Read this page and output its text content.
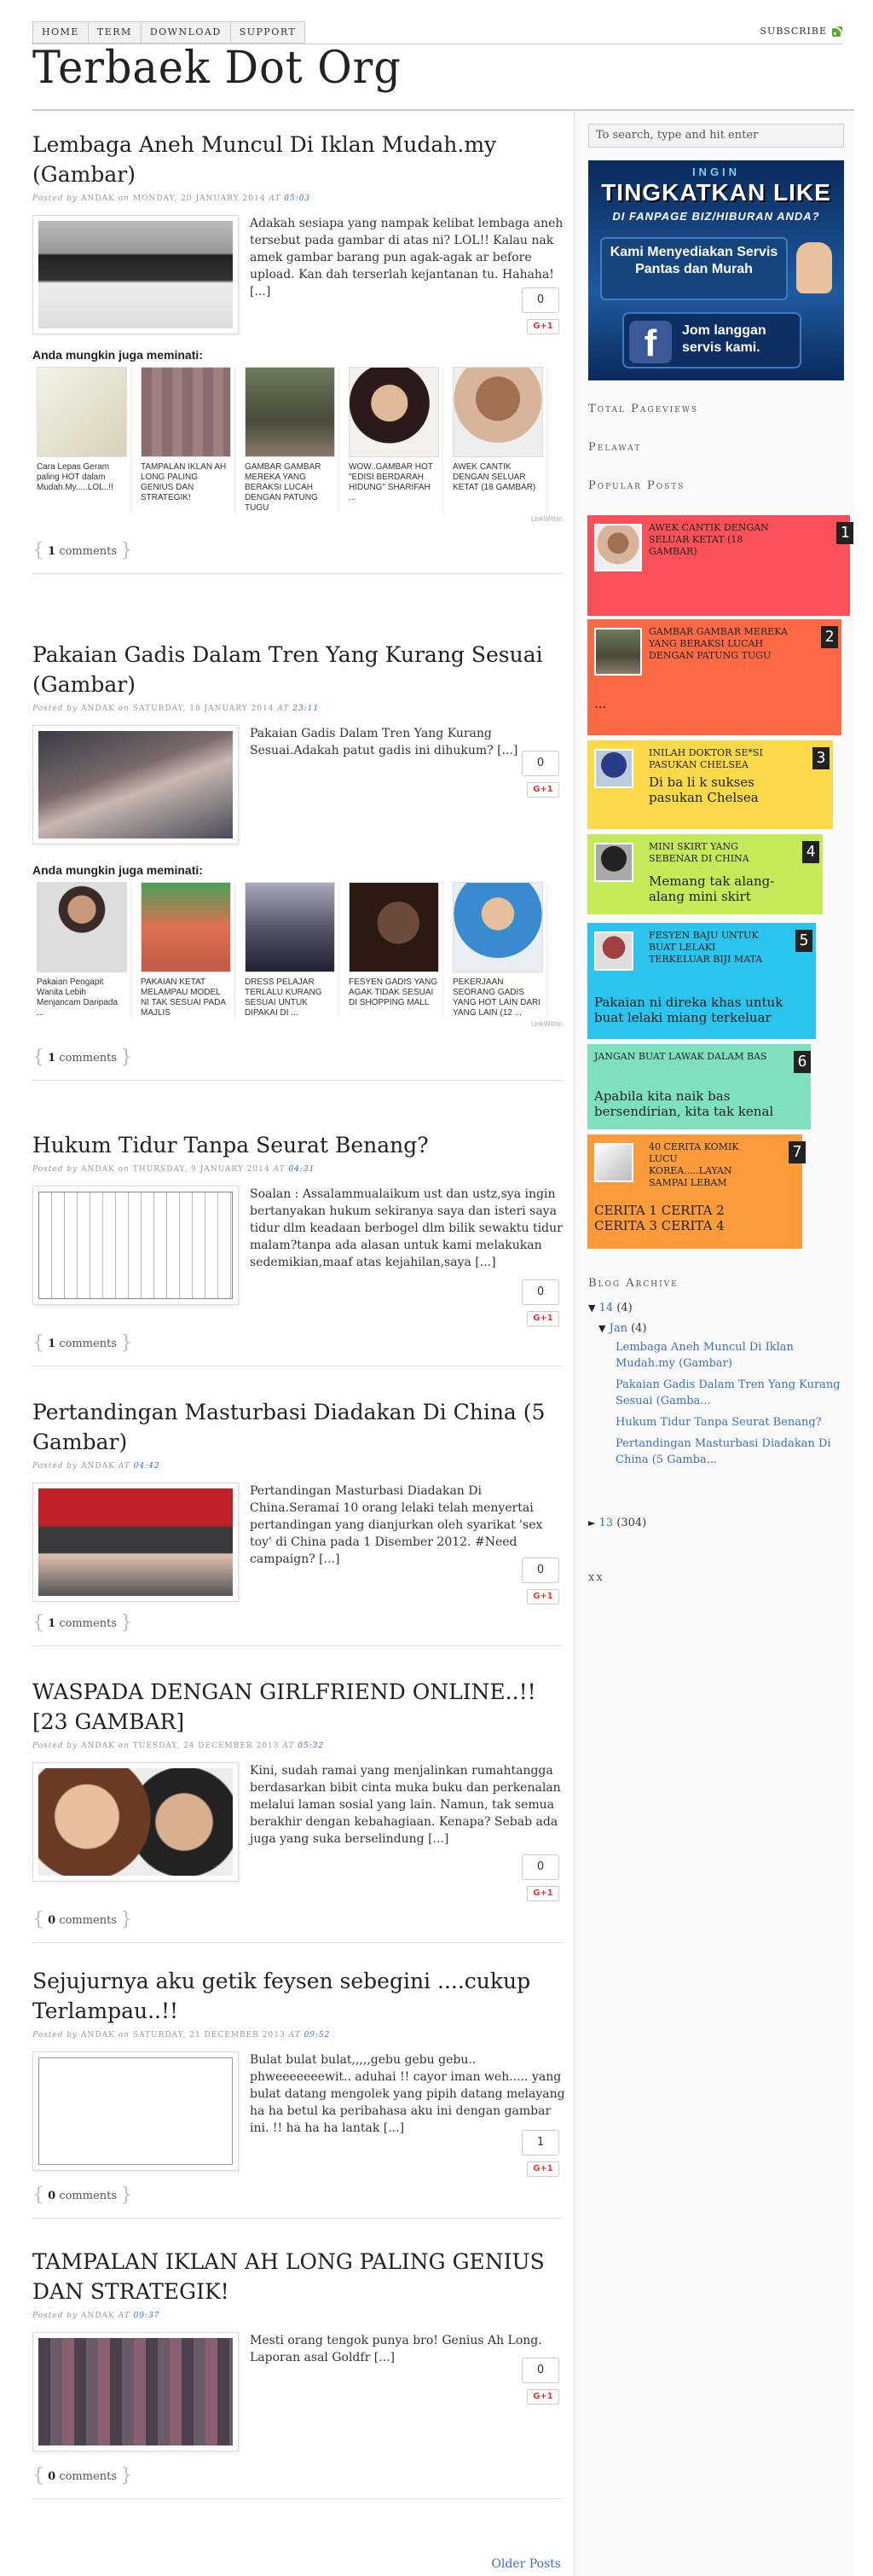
HOME	TERM	DOWNLOAD	SUPPORT	SUBSCRIBE
Terbaek Dot Org
Lembaga Aneh Muncul Di Iklan Mudah.my (Gambar)
Posted by ANDAK on MONDAY, 20 JANUARY 2014 AT 05:03
Adakah sesiapa yang nampak kelibat lembaga aneh tersebut pada gambar di atas ni? LOL!! Kalau nak amek gambar barang pun agak-agak ar before upload. Kan dah terserlah kejantanan tu. Hahaha! [...]
0
G+1
Anda mungkin juga meminati:
Cara Lepas Geram paling HOT dalam Mudah.My.....LOL..!!
TAMPALAN IKLAN AH LONG PALING GENIUS DAN STRATEGIK!
GAMBAR GAMBAR MEREKA YANG BERAKSI LUCAH DENGAN PATUNG TUGU
WOW..GAMBAR HOT "EDISI BERDARAH HIDUNG" SHARIFAH ...
AWEK CANTIK DENGAN SELUAR KETAT (18 GAMBAR)
LinkWithin
{ 1 comments }
Pakaian Gadis Dalam Tren Yang Kurang Sesuai (Gambar)
Posted by ANDAK on SATURDAY, 18 JANUARY 2014 AT 23:11
Pakaian Gadis Dalam Tren Yang Kurang Sesuai.Adakah patut gadis ini dihukum? [...]
0
G+1
Anda mungkin juga meminati:
Pakaian Pengapit Wanita Lebih Menjancam Daripada ...
PAKAIAN KETAT MELAMPAU MODEL NI TAK SESUAI PADA MAJLIS
DRESS PELAJAR TERLALU KURANG SESUAI UNTUK DIPAKAI DI ...
FESYEN GADIS YANG AGAK TIDAK SESUAI DI SHOPPING MALL
PEKERJAAN SEORANG GADIS YANG HOT LAIN DARI YANG LAIN (12 ...
LinkWithin
{ 1 comments }
Hukum Tidur Tanpa Seurat Benang?
Posted by ANDAK on THURSDAY, 9 JANUARY 2014 AT 04:31
Soalan : Assalammualaikum ust dan ustz,sya ingin bertanyakan hukum sekiranya saya dan isteri saya tidur dlm keadaan berbogel dlm bilik sewaktu tidur malam?tanpa ada alasan untuk kami melakukan sedemikian,maaf atas kejahilan,saya [...]
0
G+1
{ 1 comments }
Pertandingan Masturbasi Diadakan Di China (5 Gambar)
Posted by ANDAK AT 04:42
Pertandingan Masturbasi Diadakan Di China.Seramai 10 orang lelaki telah menyertai pertandingan yang dianjurkan oleh syarikat 'sex toy' di China pada 1 Disember 2012. #Need campaign? [...]
0
G+1
{ 1 comments }
WASPADA DENGAN GIRLFRIEND ONLINE..!! [23 GAMBAR]
Posted by ANDAK on TUESDAY, 24 DECEMBER 2013 AT 05:32
Kini, sudah ramai yang menjalinkan rumahtangga berdasarkan bibit cinta muka buku dan perkenalan melalui laman sosial yang lain. Namun, tak semua berakhir dengan kebahagiaan. Kenapa? Sebab ada juga yang suka berselindung [...]
0
G+1
{ 0 comments }
Sejujurnya aku getik feysen sebegini ....cukup Terlampau..!!
Posted by ANDAK on SATURDAY, 21 DECEMBER 2013 AT 09:52
Bulat bulat bulat,,,,,gebu gebu gebu.. phweeeeeeewit.. aduhai !! cayor iman weh..... yang bulat datang mengolek yang pipih datang melayang ha ha betul ka peribahasa aku ini dengan gambar ini. !! ha ha ha lantak [...]
1
G+1
{ 0 comments }
TAMPALAN IKLAN AH LONG PALING GENIUS DAN STRATEGIK!
Posted by ANDAK AT 09:37
Mesti orang tengok punya bro! Genius Ah Long. Laporan asal Goldfr [...]
0
G+1
{ 0 comments }
Older Posts
To search, type and hit enter
INGIN
TINGKATKAN LIKE
DI FANPAGE BIZ/HIBURAN ANDA?
Kami Menyediakan Servis Pantas dan Murah
f	Jom langgan servis kami.
Total Pageviews
Pelawat
Popular Posts
AWEK CANTIK DENGAN SELUAR KETAT (18 GAMBAR)
1
GAMBAR GAMBAR MEREKA YANG BERAKSI LUCAH DENGAN PATUNG TUGU
...
2
INILAH DOKTOR SE*SI PASUKAN CHELSEA
Di ba li k sukses pasukan Chelsea
3
MINI SKIRT YANG SEBENAR DI CHINA
Memang tak alang-alang mini skirt
4
FESYEN BAJU UNTUK BUAT LELAKI TERKELUAR BIJI MATA
Pakaian ni direka khas untuk buat lelaki miang terkeluar
5
JANGAN BUAT LAWAK DALAM BAS
Apabila kita naik bas bersendirian, kita tak kenal
6
40 CERITA KOMIK LUCU KOREA.....LAYAN SAMPAI LEBAM
CERITA 1 CERITA 2 CERITA 3 CERITA 4
7
Blog Archive
▼ 14 (4)
▼ Jan (4)
Lembaga Aneh Muncul Di Iklan Mudah.my (Gambar)
Pakaian Gadis Dalam Tren Yang Kurang Sesuai (Gamba...
Hukum Tidur Tanpa Seurat Benang?
Pertandingan Masturbasi Diadakan Di China (5 Gamba...
► 13 (304)
xx
